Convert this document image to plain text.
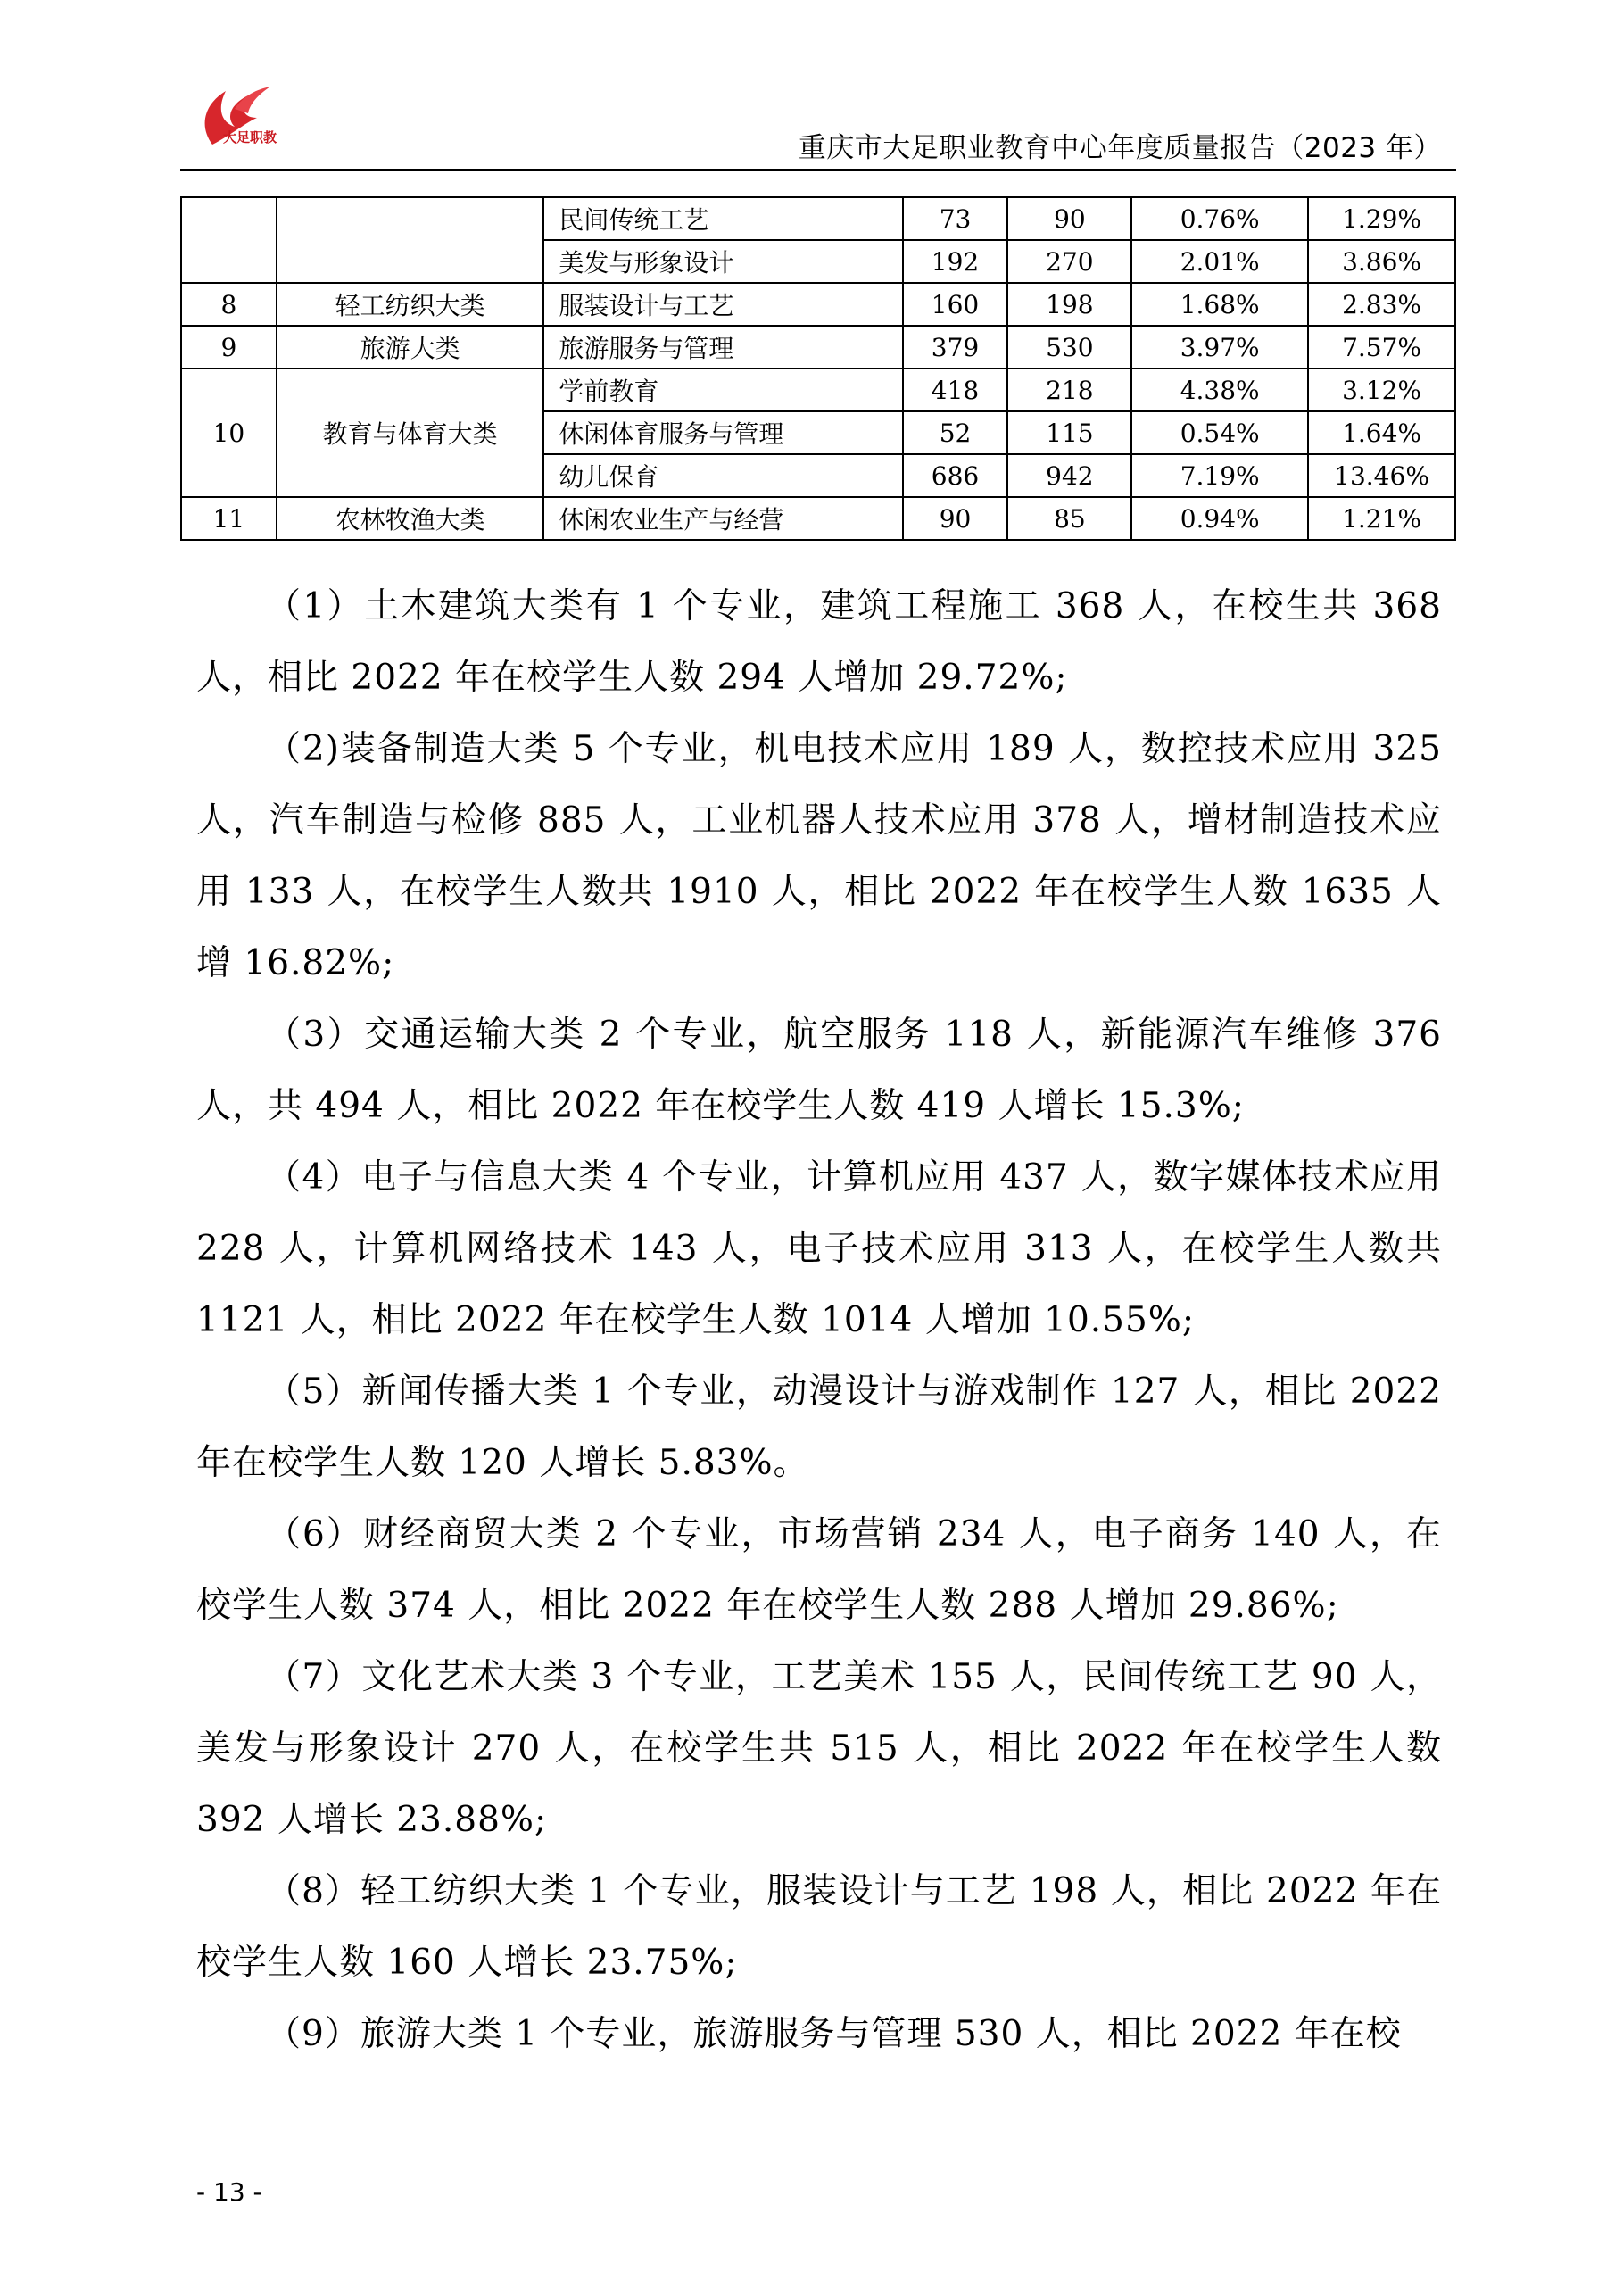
大足职教	重庆市大足职业教育中心年度质量报告（2023 年）
		民间传统工艺	73	90	0.76%	1.29%
		美发与形象设计	192	270	2.01%	3.86%
8	轻工纺织大类	服装设计与工艺	160	198	1.68%	2.83%
9	旅游大类	旅游服务与管理	379	530	3.97%	7.57%
10	教育与体育大类	学前教育	418	218	4.38%	3.12%
		休闲体育服务与管理	52	115	0.54%	1.64%
		幼儿保育	686	942	7.19%	13.46%
11	农林牧渔大类	休闲农业生产与经营	90	85	0.94%	1.21%

（1）土木建筑大类有 1 个专业，建筑工程施工 368 人，在校生共 368 人，相比 2022 年在校学生人数 294 人增加 29.72%;

（2)装备制造大类 5 个专业，机电技术应用 189 人，数控技术应用 325 人，汽车制造与检修 885 人，工业机器人技术应用 378 人，增材制造技术应用 133 人，在校学生人数共 1910 人，相比 2022 年在校学生人数 1635 人增 16.82%;

（3）交通运输大类 2 个专业，航空服务 118 人，新能源汽车维修 376 人，共 494 人，相比 2022 年在校学生人数 419 人增长 15.3%;

（4）电子与信息大类 4 个专业，计算机应用 437 人，数字媒体技术应用 228 人，计算机网络技术 143 人，电子技术应用 313 人，在校学生人数共 1121 人，相比 2022 年在校学生人数 1014 人增加 10.55%;

（5）新闻传播大类 1 个专业，动漫设计与游戏制作 127 人，相比 2022 年在校学生人数 120 人增长 5.83%。

（6）财经商贸大类 2 个专业，市场营销 234 人，电子商务 140 人，在校学生人数 374 人，相比 2022 年在校学生人数 288 人增加 29.86%;

（7）文化艺术大类 3 个专业，工艺美术 155 人，民间传统工艺 90 人，美发与形象设计 270 人，在校学生共 515 人，相比 2022 年在校学生人数 392 人增长 23.88%;

（8）轻工纺织大类 1 个专业，服装设计与工艺 198 人，相比 2022 年在校学生人数 160 人增长 23.75%;

（9）旅游大类 1 个专业，旅游服务与管理 530 人，相比 2022 年在校

- 13 -
